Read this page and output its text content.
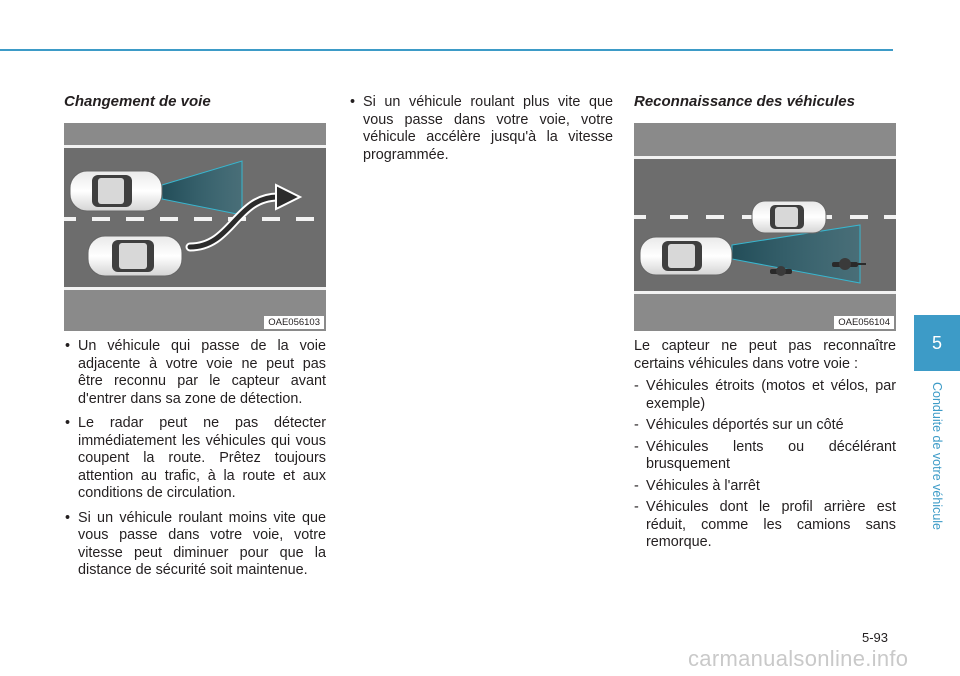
Changement de voie
OAE056103
• Un véhicule qui passe de la voie adjacente à votre voie ne peut pas être reconnu par le capteur avant d'entrer dans sa zone de détection.
• Le radar peut ne pas détecter immédiatement les véhicules qui vous coupent la route. Prêtez toujours attention au trafic, à la route et aux conditions de circulation.
• Si un véhicule roulant moins vite que vous passe dans votre voie, votre vitesse peut diminuer pour que la distance de sécurité soit maintenue.
• Si un véhicule roulant plus vite que vous passe dans votre voie, votre véhicule accélère jusqu'à la vitesse programmée.
Reconnaissance des véhicules
OAE056104

Le capteur ne peut pas reconnaître certains véhicules dans votre voie :

- Véhicules étroits (motos et vélos, par exemple)
- Véhicules déportés sur un côté
- Véhicules lents ou décélérant brusquement
- Véhicules à l'arrêt
- Véhicules dont le profil arrière est réduit, comme les camions sans remorque.
5
Conduite de votre véhicule
5-93
carmanualsonline.info
